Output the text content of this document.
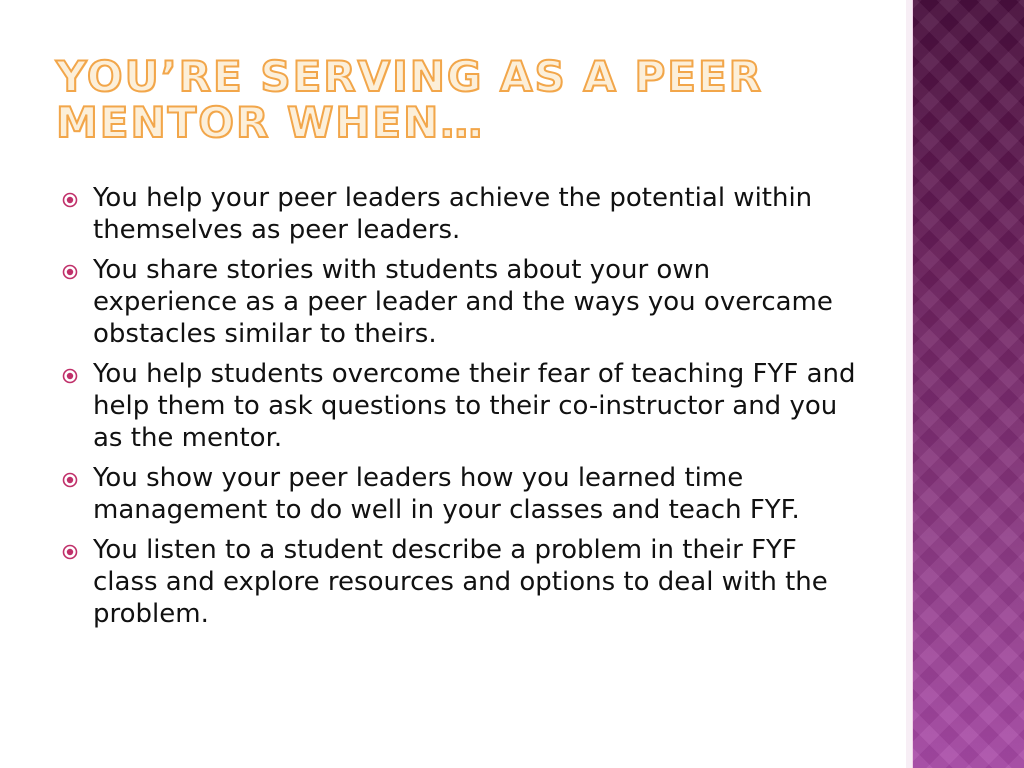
YOU’RE SERVING AS A PEER MENTOR WHEN…
You help your peer leaders achieve the potential within themselves as peer leaders.
You share stories with students about your own experience as a peer leader and the ways you overcame obstacles similar to theirs.
You help students overcome their fear of teaching FYF and help them to ask questions to their co-instructor and you as the mentor.
You show your peer leaders how you learned time management to do well in your classes and teach FYF.
You listen to a student describe a problem in their FYF class and explore resources and options to deal with the problem.
